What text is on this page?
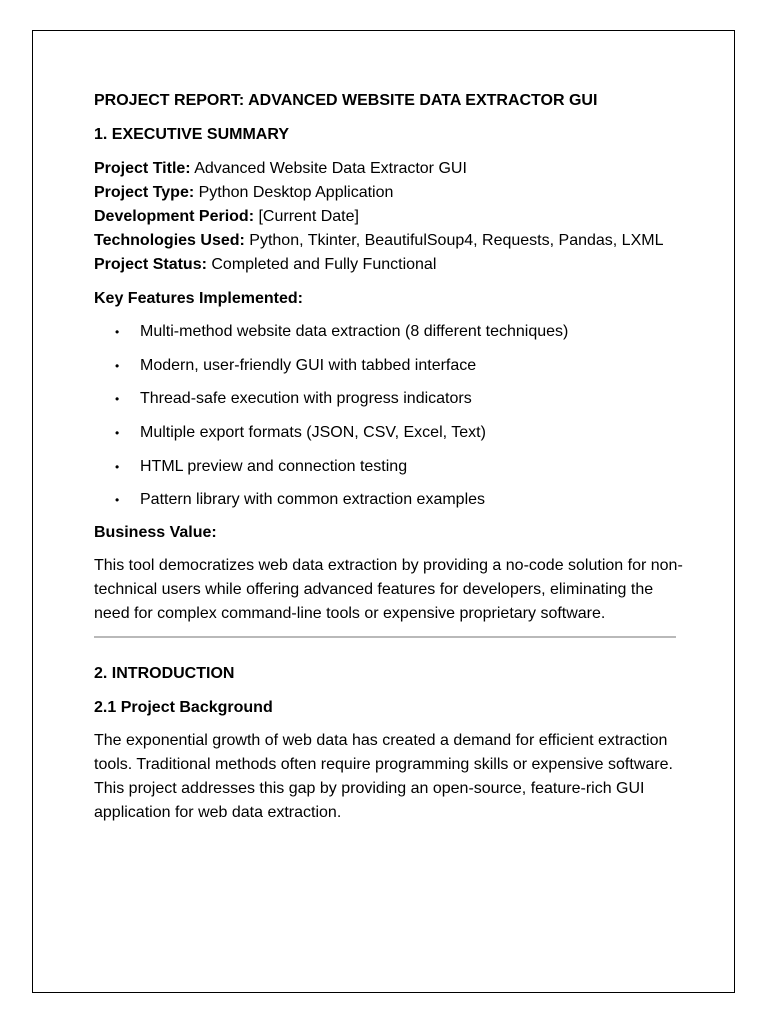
PROJECT REPORT: ADVANCED WEBSITE DATA EXTRACTOR GUI

1. EXECUTIVE SUMMARY

Project Title: Advanced Website Data Extractor GUI

Project Type: Python Desktop Application

Development Period: [Current Date]

Technologies Used: Python, Tkinter, BeautifulSoup4, Requests, Pandas, LXML

Project Status: Completed and Fully Functional

Key Features Implemented:

• Multi-method website data extraction (8 different techniques)
• Modern, user-friendly GUI with tabbed interface
• Thread-safe execution with progress indicators
• Multiple export formats (JSON, CSV, Excel, Text)
• HTML preview and connection testing
• Pattern library with common extraction examples

Business Value:

This tool democratizes web data extraction by providing a no-code solution for non-technical users while offering advanced features for developers, eliminating the need for complex command-line tools or expensive proprietary software.

2. INTRODUCTION

2.1 Project Background

The exponential growth of web data has created a demand for efficient extraction tools. Traditional methods often require programming skills or expensive software. This project addresses this gap by providing an open-source, feature-rich GUI application for web data extraction.
